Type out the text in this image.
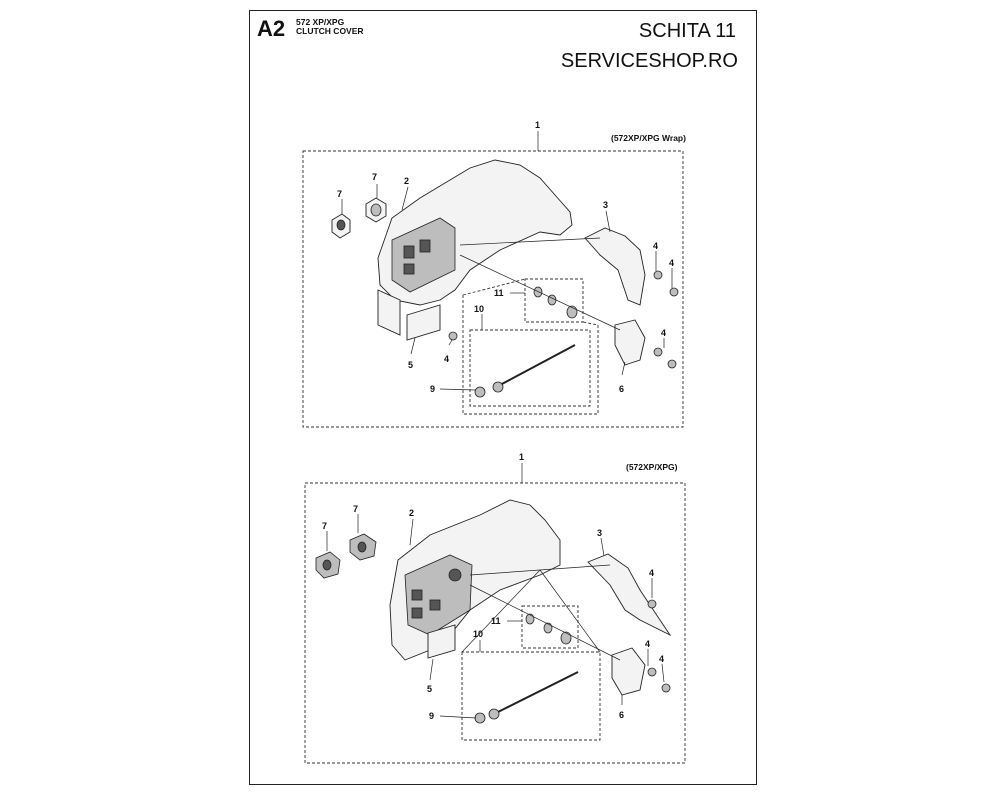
A2 572 XP/XPG
CLUTCH COVER	SCHITA 11
SERVICESHOP.RO
1
(572XP/XPG Wrap)
7
7	2
3
4
4
4
4
5
6
9
10
11
1
(572XP/XPG)
7
7	2
3
4
4
4
5
6
9
10
11
